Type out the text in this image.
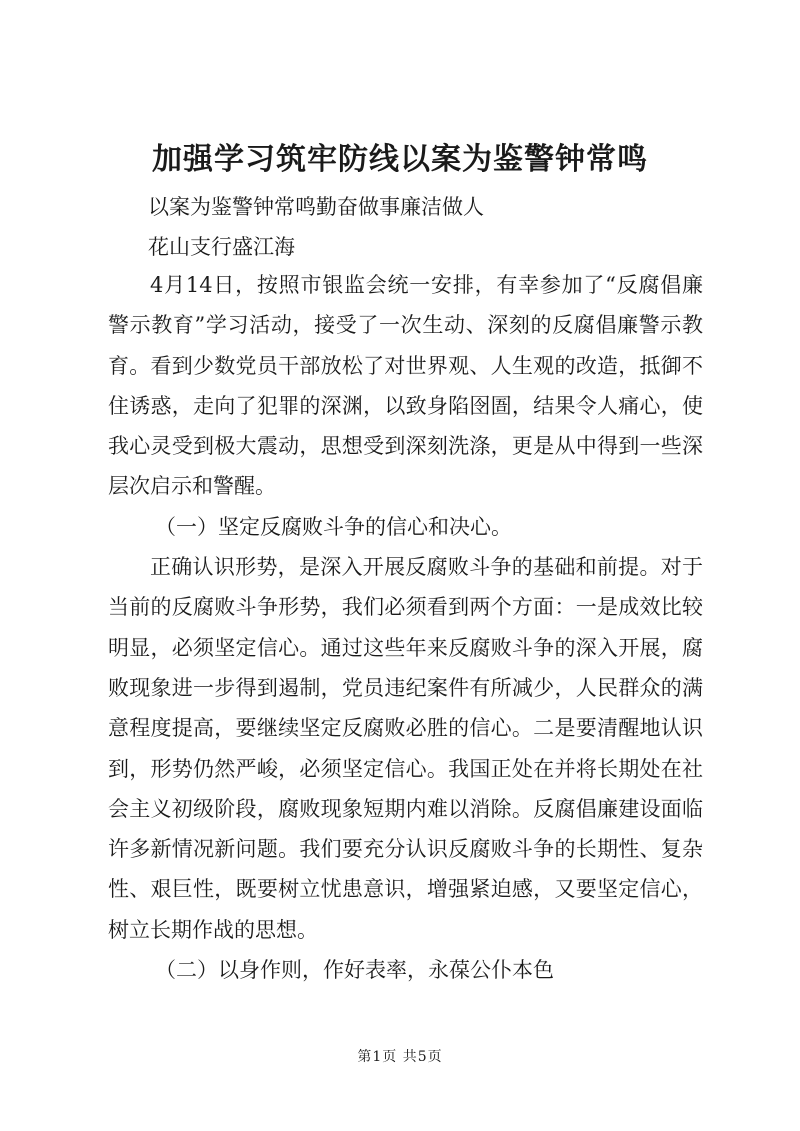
加强学习筑牢防线以案为鉴警钟常鸣

以案为鉴警钟常鸣勤奋做事廉洁做人

花山支行盛江海

4月14日，按照市银监会统一安排，有幸参加了“反腐倡廉警示教育”学习活动，接受了一次生动、深刻的反腐倡廉警示教育。看到少数党员干部放松了对世界观、人生观的改造，抵御不住诱惑，走向了犯罪的深渊，以致身陷囹圄，结果令人痛心，使我心灵受到极大震动，思想受到深刻洗涤，更是从中得到一些深层次启示和警醒。

（一）坚定反腐败斗争的信心和决心。

正确认识形势，是深入开展反腐败斗争的基础和前提。对于当前的反腐败斗争形势，我们必须看到两个方面：一是成效比较明显，必须坚定信心。通过这些年来反腐败斗争的深入开展，腐败现象进一步得到遏制，党员违纪案件有所减少，人民群众的满意程度提高，要继续坚定反腐败必胜的信心。二是要清醒地认识到，形势仍然严峻，必须坚定信心。我国正处在并将长期处在社会主义初级阶段，腐败现象短期内难以消除。反腐倡廉建设面临许多新情况新问题。我们要充分认识反腐败斗争的长期性、复杂性、艰巨性，既要树立忧患意识，增强紧迫感，又要坚定信心，树立长期作战的思想。

（二）以身作则，作好表率，永葆公仆本色

第1页 共5页
